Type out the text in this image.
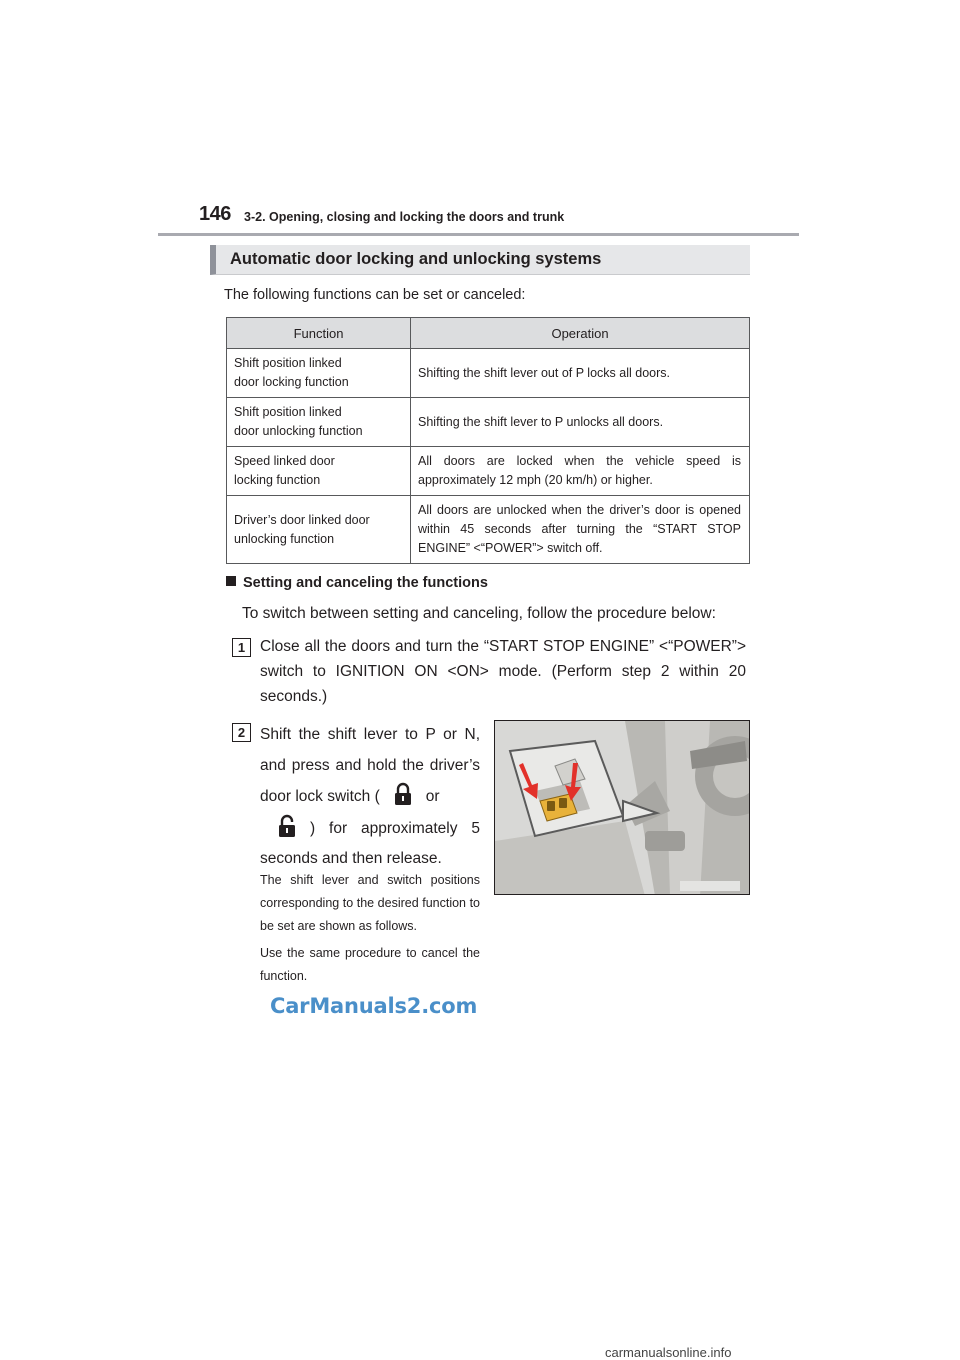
146 3-2. Opening, closing and locking the doors and trunk
Automatic door locking and unlocking systems
The following functions can be set or canceled:
Function	Operation
Shift position linked
door locking function	Shifting the shift lever out of P locks all doors.
Shift position linked
door unlocking function	Shifting the shift lever to P unlocks all doors.
Speed linked door
locking function	All doors are locked when the vehicle speed is approximately 12 mph (20 km/h) or higher.
Driver’s door linked door
unlocking function	All doors are unlocked when the driver’s door is opened within 45 seconds after turning the “START STOP ENGINE” <“POWER”> switch off.
Setting and canceling the functions
To switch between setting and canceling, follow the procedure below:
1 Close all the doors and turn the “START STOP ENGINE” <“POWER”> switch to IGNITION ON <ON> mode. (Perform step 2 within 20 seconds.)

2 Shift the shift lever to P or N, and press and hold the driver’s door lock switch (	or
) for approximately 5 seconds and then release.

The shift lever and switch positions corresponding to the desired function to be set are shown as follows.

Use the same procedure to cancel the function.

CarManuals2.com
carmanualsonline.info
